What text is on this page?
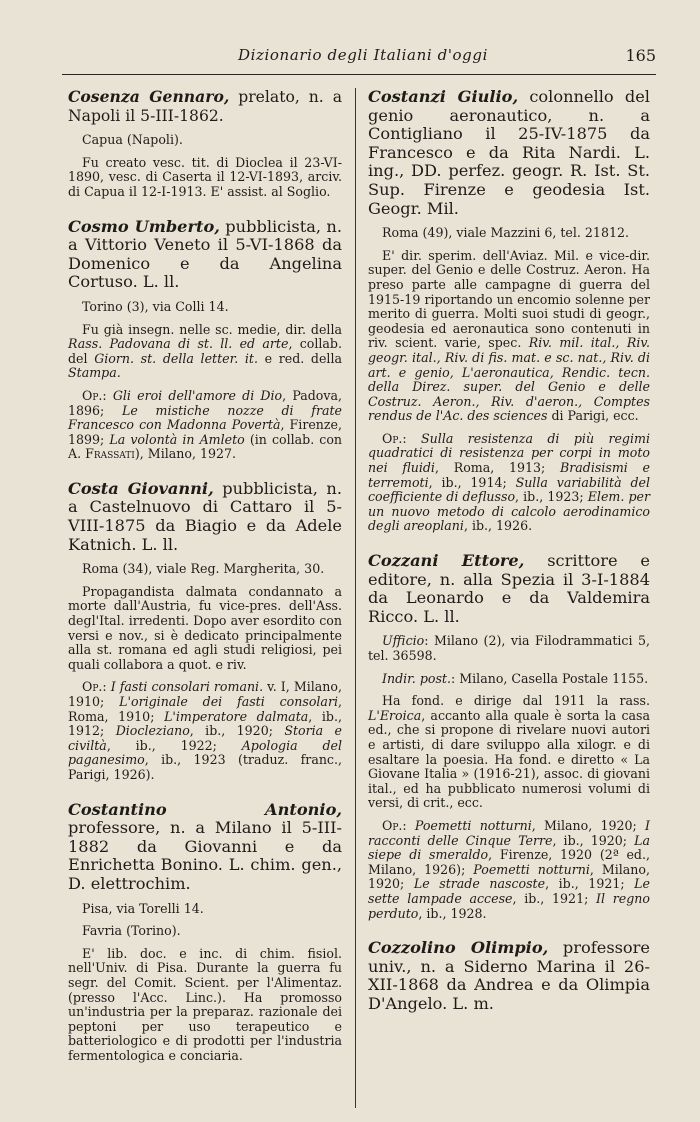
Dizionario degli Italiani d'oggi	165
Cosenza Gennaro, prelato, n. a Napoli il 5-III-1862.
Capua (Napoli).
Fu creato vesc. tit. di Dioclea il 23-VI-1890, vesc. di Caserta il 12-VI-1893, arciv. di Capua il 12-I-1913. E' assist. al Soglio.
Cosmo Umberto, pubblicista, n. a Vittorio Veneto il 5-VI-1868 da Domenico e da Angelina Cortuso. L. ll.
Torino (3), via Colli 14.
Fu già insegn. nelle sc. medie, dir. della Rass. Padovana di st. ll. ed arte, collab. del Giorn. st. della letter. it. e red. della Stampa.
Op.: Gli eroi dell'amore di Dio, Padova, 1896; Le mistiche nozze di frate Francesco con Madonna Povertà, Firenze, 1899; La volontà in Amleto (in collab. con A. Frassati), Milano, 1927.
Costa Giovanni, pubblicista, n. a Castelnuovo di Cattaro il 5-VIII-1875 da Biagio e da Adele Katnich. L. ll.
Roma (34), viale Reg. Margherita, 30.
Propagandista dalmata condannato a morte dall'Austria, fu vice-pres. dell'Ass. degl'Ital. irredenti. Dopo aver esordito con versi e nov., si è dedicato principalmente alla st. romana ed agli studi religiosi, pei quali collabora a quot. e riv.
Op.: I fasti consolari romani. v. I, Milano, 1910; L'originale dei fasti consolari, Roma, 1910; L'imperatore dalmata, ib., 1912; Diocleziano, ib., 1920; Storia e civiltà, ib., 1922; Apologia del paganesimo, ib., 1923 (traduz. franc., Parigi, 1926).
Costantino Antonio, professore, n. a Milano il 5-III-1882 da Giovanni e da Enrichetta Bonino. L. chim. gen., D. elettrochim.
Pisa, via Torelli 14.
Favria (Torino).
E' lib. doc. e inc. di chim. fisiol. nell'Univ. di Pisa. Durante la guerra fu segr. del Comit. Scient. per l'Alimentaz. (presso l'Acc. Linc.). Ha promosso un'industria per la preparaz. razionale dei peptoni per uso terapeutico e batteriologico e di prodotti per l'industria fermentologica e conciaria.
Costanzi Giulio, colonnello del genio aeronautico, n. a Contigliano il 25-IV-1875 da Francesco e da Rita Nardi. L. ing., DD. perfez. geogr. R. Ist. St. Sup. Firenze e geodesia Ist. Geogr. Mil.
Roma (49), viale Mazzini 6, tel. 21812.
E' dir. sperim. dell'Aviaz. Mil. e vice-dir. super. del Genio e delle Costruz. Aeron. Ha preso parte alle campagne di guerra del 1915-19 riportando un encomio solenne per merito di guerra. Molti suoi studi di geogr., geodesia ed aeronautica sono contenuti in riv. scient. varie, spec. Riv. mil. ital., Riv. geogr. ital., Riv. di fis. mat. e sc. nat., Riv. di art. e genio, L'aeronautica, Rendic. tecn. della Direz. super. del Genio e delle Costruz. Aeron., Riv. d'aeron., Comptes rendus de l'Ac. des sciences di Parigi, ecc.
Op.: Sulla resistenza di più regimi quadratici di resistenza per corpi in moto nei fluidi, Roma, 1913; Bradisismi e terremoti, ib., 1914; Sulla variabilità del coefficiente di deflusso, ib., 1923; Elem. per un nuovo metodo di calcolo aerodinamico degli areoplani, ib., 1926.
Cozzani Ettore, scrittore e editore, n. alla Spezia il 3-I-1884 da Leonardo e da Valdemira Ricco. L. ll.
Ufficio: Milano (2), via Filodrammatici 5, tel. 36598.
Indir. post.: Milano, Casella Postale 1155.
Ha fond. e dirige dal 1911 la rass. L'Eroica, accanto alla quale è sorta la casa ed., che si propone di rivelare nuovi autori e artisti, di dare sviluppo alla xilogr. e di esaltare la poesia. Ha fond. e diretto « La Giovane Italia » (1916-21), assoc. di giovani ital., ed ha pubblicato numerosi volumi di versi, di crit., ecc.
Op.: Poemetti notturni, Milano, 1920; I racconti delle Cinque Terre, ib., 1920; La siepe di smeraldo, Firenze, 1920 (2ª ed., Milano, 1926); Poemetti notturni, Milano, 1920; Le strade nascoste, ib., 1921; Le sette lampade accese, ib., 1921; Il regno perduto, ib., 1928.
Cozzolino Olimpio, professore univ., n. a Siderno Marina il 26-XII-1868 da Andrea e da Olimpia D'Angelo. L. m.
